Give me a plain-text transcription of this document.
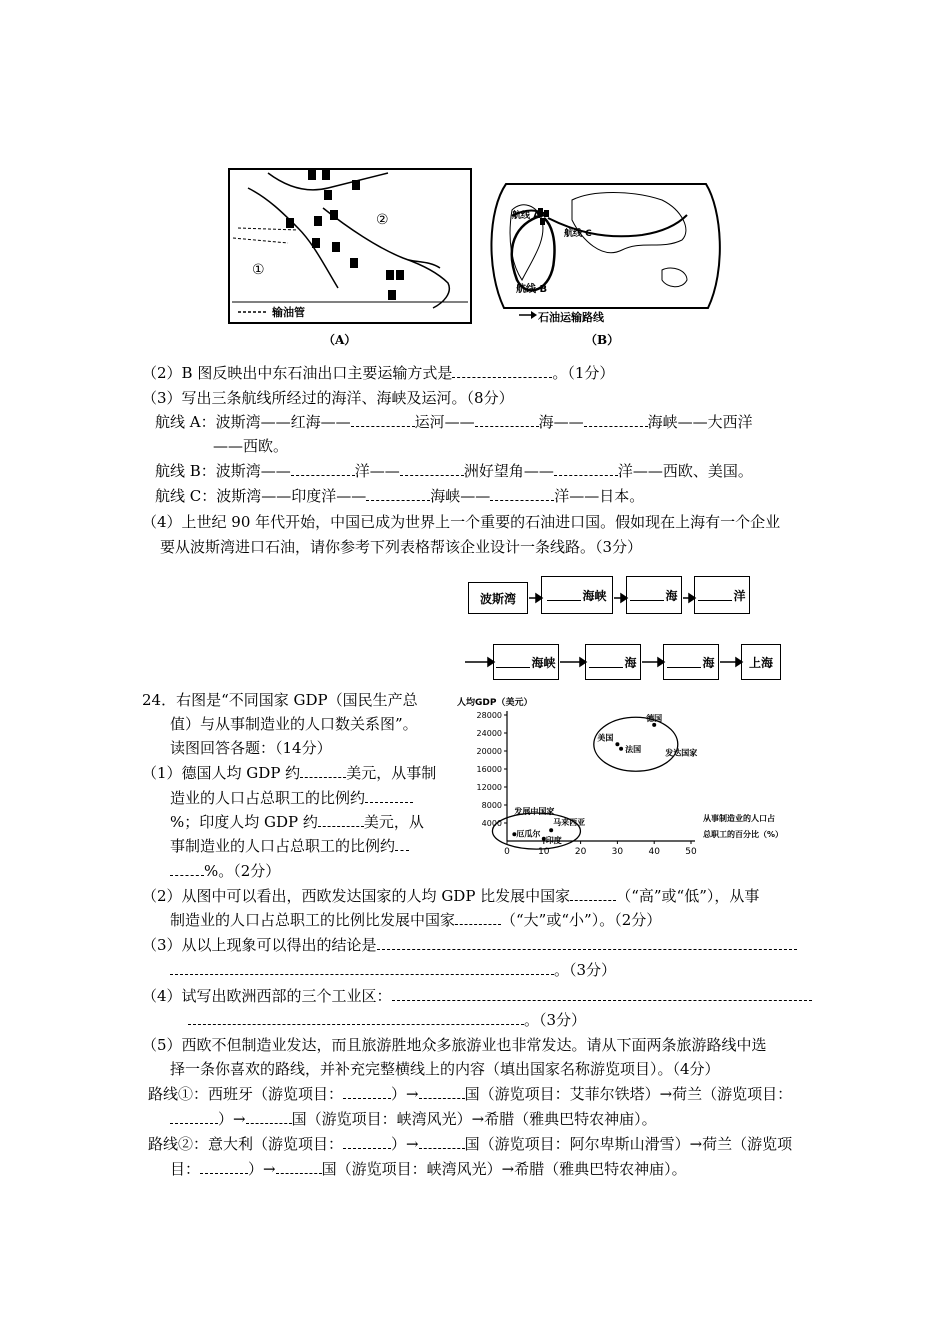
输油管
①
②
（A）
航线 A
航线 C
航线 B
石油运输路线
（B）
（2）B 图反映出中东石油出口主要运输方式是	。（1分）
（3）写出三条航线所经过的海洋、海峡及运河。（8分）
航线 A：波斯湾——红海——	运河——	海——	海峡——大西洋
——西欧。
航线 B：波斯湾——	洋——	洲好望角——	洋——西欧、美国。
航线 C：波斯湾——印度洋——	海峡——	洋——日本。
（4）上世纪 90 年代开始，中国已成为世界上一个重要的石油进口国。假如现在上海有一个企业
要从波斯湾进口石油，请你参考下列表格帮该企业设计一条线路。（3分）
波斯湾	海峡	海	洋
海峡	海	海	上海
24．右图是“不同国家 GDP（国民生产总
值）与从事制造业的人口数关系图”。
读图回答各题：（14分）
（1）德国人均 GDP 约	美元，从事制
造业的人口占总职工的比例约
%；印度人均 GDP 约	美元，从
事制造业的人口占总职工的比例约
%。（2分）
人均GDP（美元）
4000
8000
12000
16000
20000
24000
28000
0	10	20	30	40	50
从事制造业的人口占
总职工的百分比（%）
发达国家
发展中国家
德国
美国
法国
马来西亚
印度
厄瓜尔
（2）从图中可以看出，西欧发达国家的人均 GDP 比发展中国家	（“高”或“低”），从事
制造业的人口占总职工的比例比发展中国家	（“大”或“小”）。（2分）
（3）从以上现象可以得出的结论是
。（3分）
（4）试写出欧洲西部的三个工业区：
。（3分）
（5）西欧不但制造业发达，而且旅游胜地众多旅游业也非常发达。请从下面两条旅游路线中选
择一条你喜欢的路线，并补充完整横线上的内容（填出国家名称游览项目）。（4分）
路线①：西班牙（游览项目：	）→	国（游览项目：艾菲尔铁塔）→荷兰（游览项目：
）→	国（游览项目：峡湾风光）→希腊（雅典巴特农神庙）。
路线②：意大利（游览项目：	）→	国（游览项目：阿尔卑斯山滑雪）→荷兰（游览项
目：	）→	国（游览项目：峡湾风光）→希腊（雅典巴特农神庙）。
